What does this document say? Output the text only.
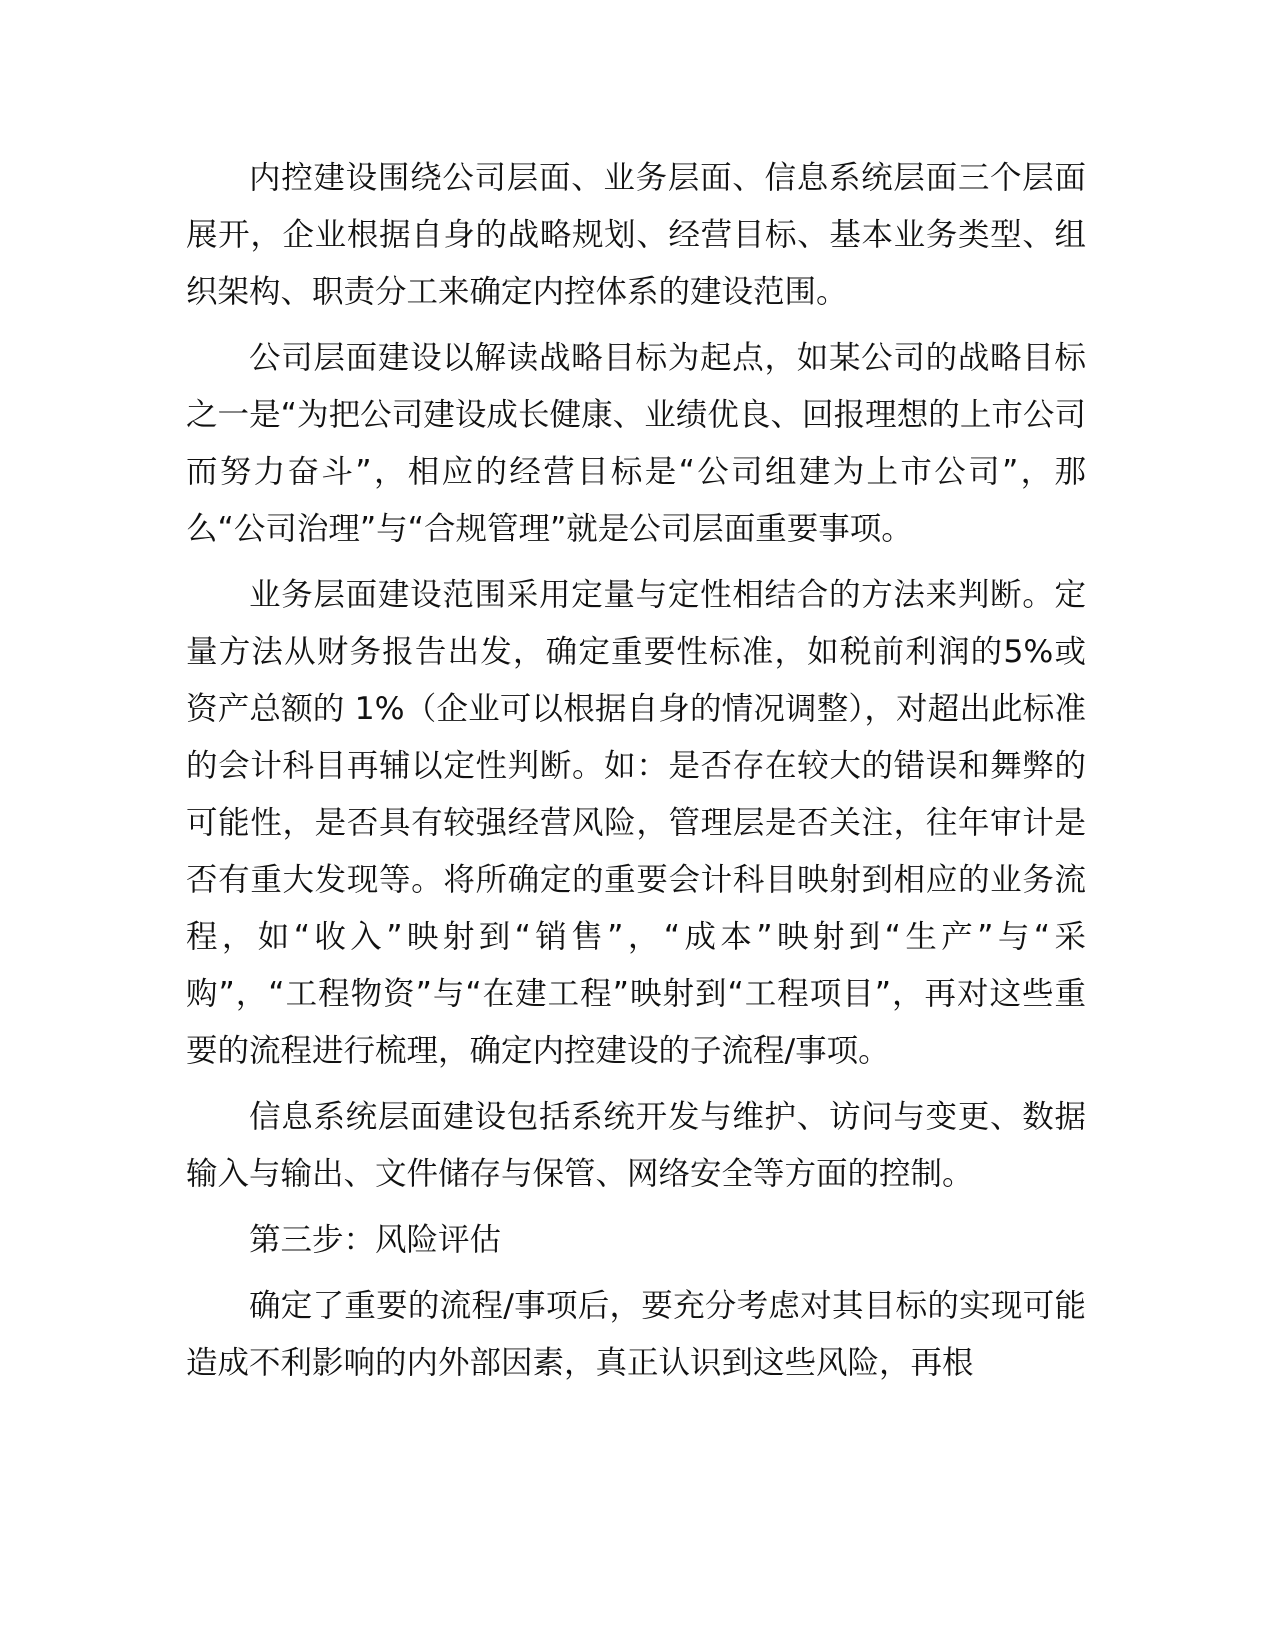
内控建设围绕公司层面、业务层面、信息系统层面三个层面展开，企业根据自身的战略规划、经营目标、基本业务类型、组织架构、职责分工来确定内控体系的建设范围。

公司层面建设以解读战略目标为起点，如某公司的战略目标之一是“为把公司建设成长健康、业绩优良、回报理想的上市公司而努力奋斗”，相应的经营目标是“公司组建为上市公司”，那么“公司治理”与“合规管理”就是公司层面重要事项。

业务层面建设范围采用定量与定性相结合的方法来判断。定量方法从财务报告出发，确定重要性标准，如税前利润的5%或资产总额的 1%（企业可以根据自身的情况调整），对超出此标准的会计科目再辅以定性判断。如：是否存在较大的错误和舞弊的可能性，是否具有较强经营风险，管理层是否关注，往年审计是否有重大发现等。将所确定的重要会计科目映射到相应的业务流程，如“收入”映射到“销售”，“成本”映射到“生产”与“采购”，“工程物资”与“在建工程”映射到“工程项目”，再对这些重要的流程进行梳理，确定内控建设的子流程/事项。

信息系统层面建设包括系统开发与维护、访问与变更、数据输入与输出、文件储存与保管、网络安全等方面的控制。

第三步：风险评估

确定了重要的流程/事项后，要充分考虑对其目标的实现可能造成不利影响的内外部因素，真正认识到这些风险，再根
